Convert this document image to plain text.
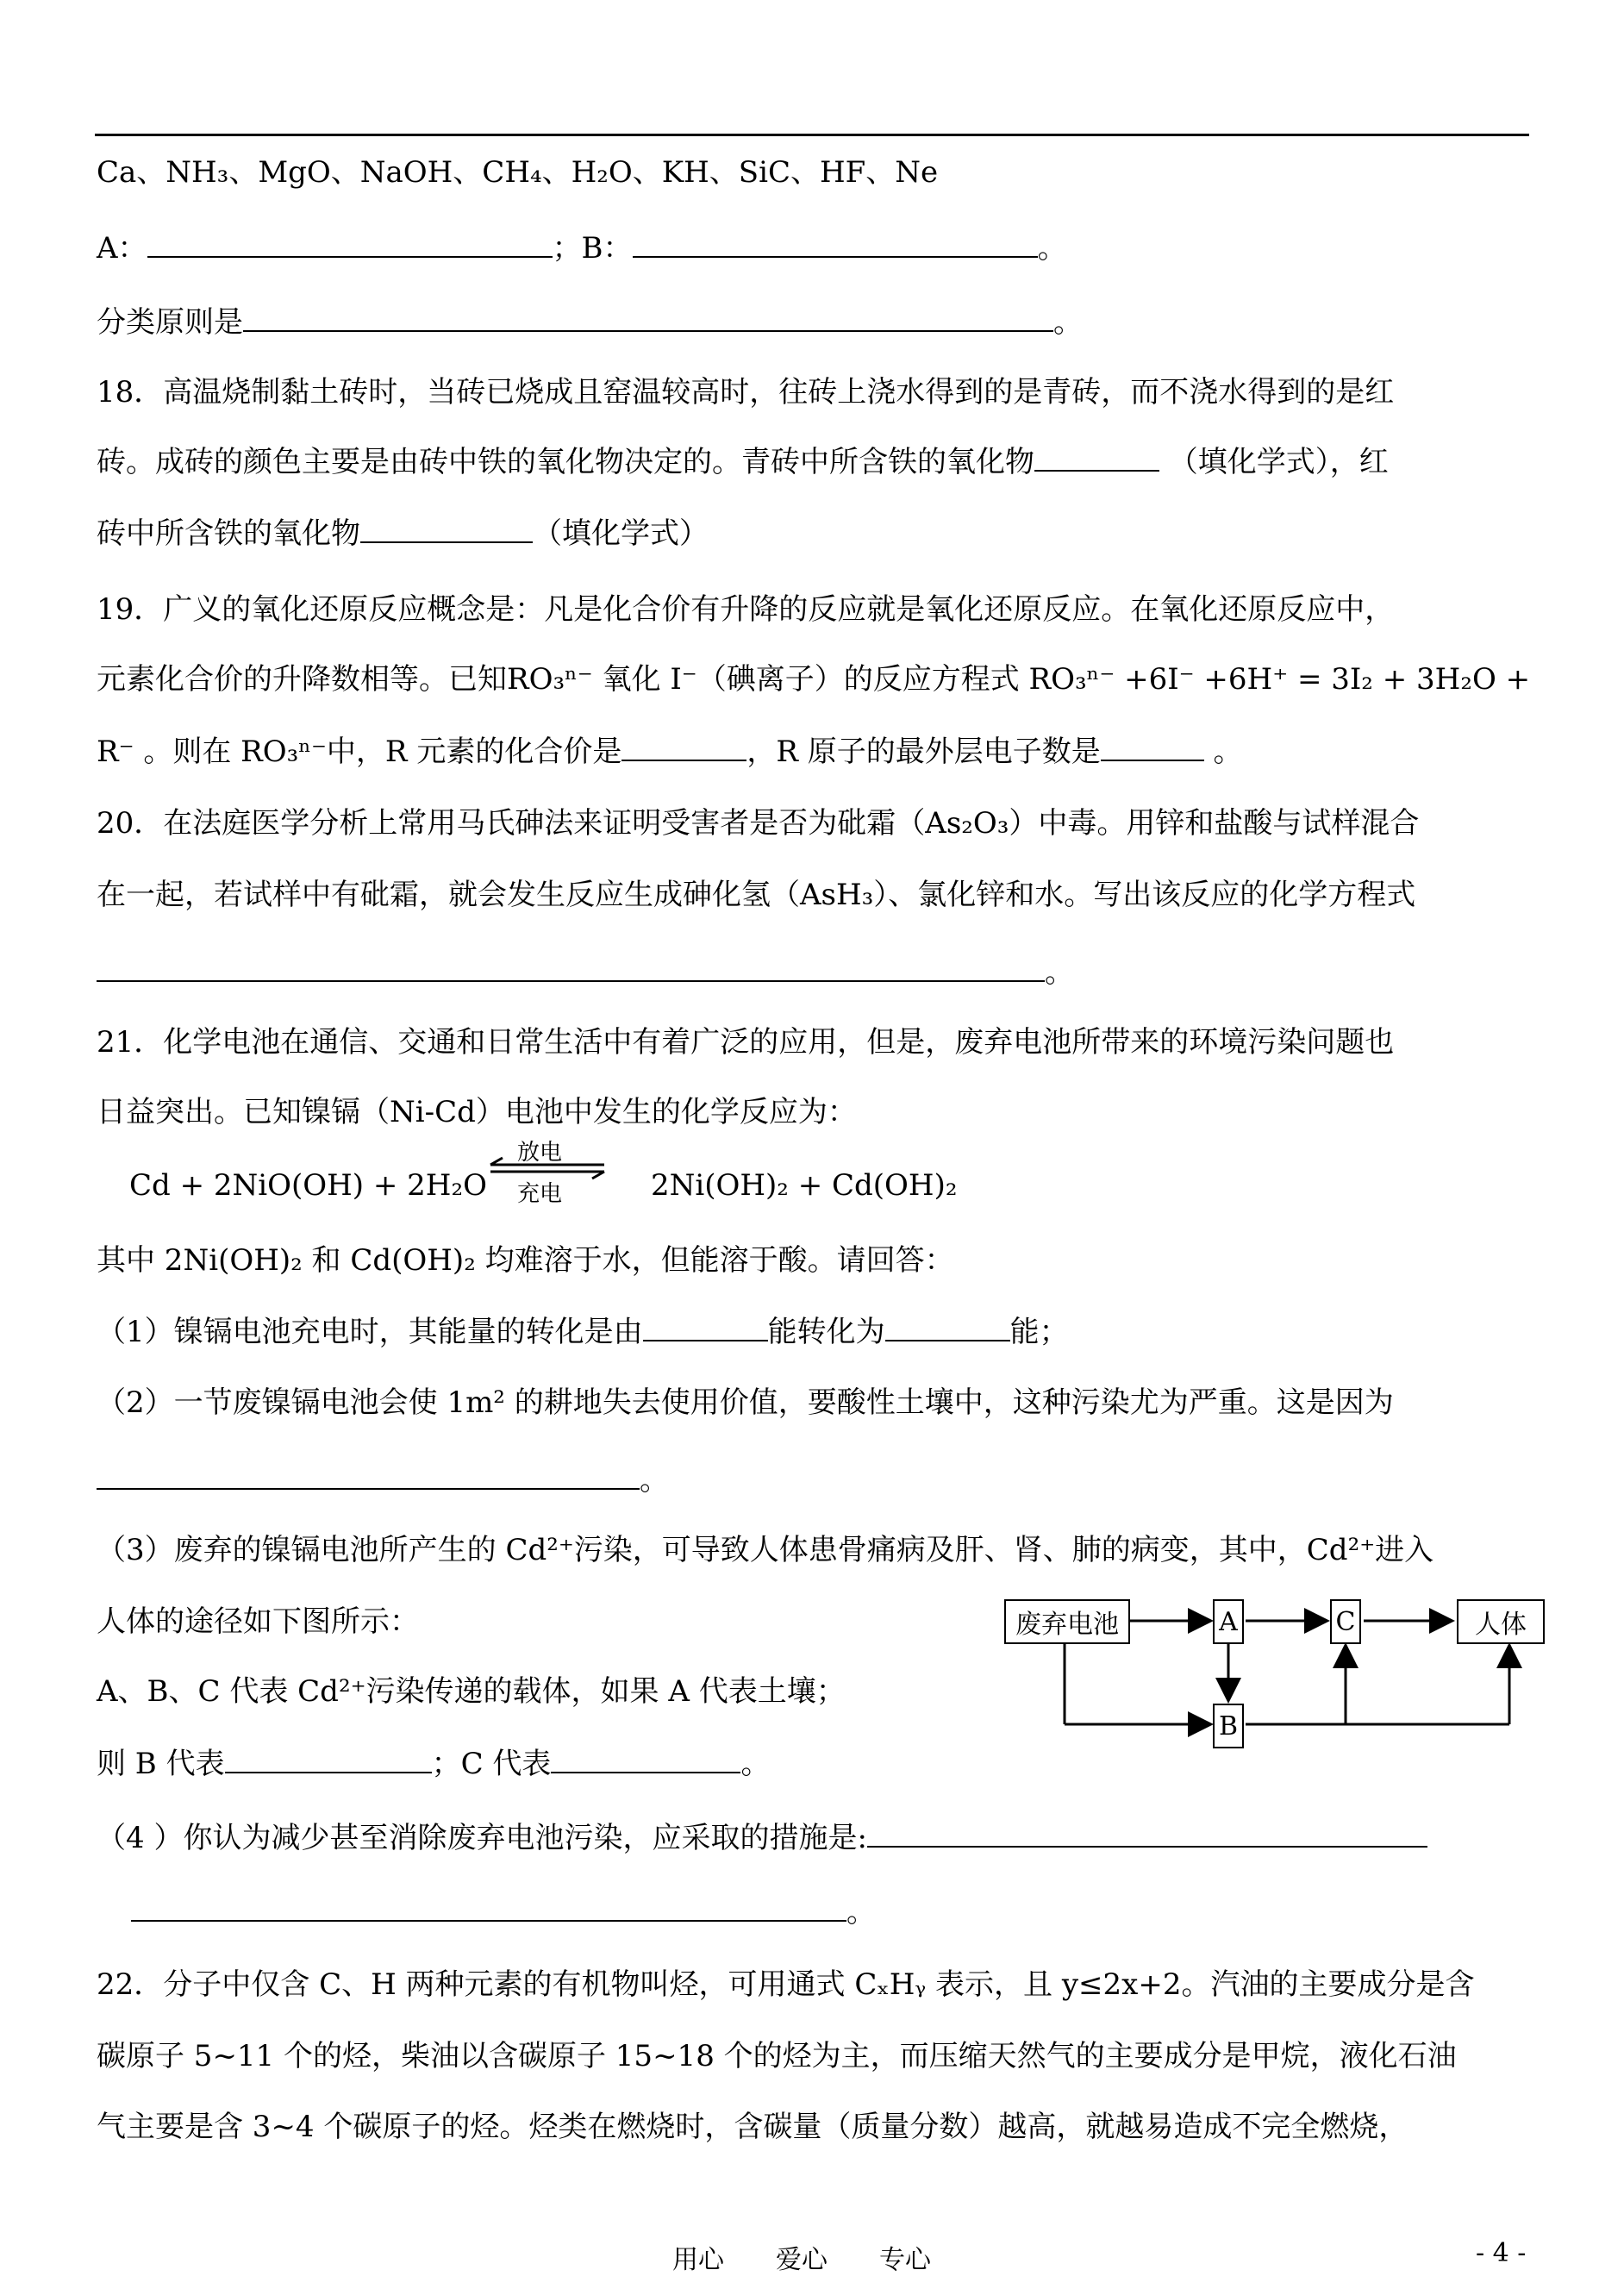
Ca、NH₃、MgO、NaOH、CH₄、H₂O、KH、SiC、HF、Ne
A：	；B：	。
分类原则是	。
18．高温烧制黏土砖时，当砖已烧成且窑温较高时，往砖上浇水得到的是青砖，而不浇水得到的是红
砖。成砖的颜色主要是由砖中铁的氧化物决定的。青砖中所含铁的氧化物	（填化学式），红
砖中所含铁的氧化物	（填化学式）
19．广义的氧化还原反应概念是：凡是化合价有升降的反应就是氧化还原反应。在氧化还原反应中，
元素化合价的升降数相等。已知RO₃ⁿ⁻ 氧化 I⁻（碘离子）的反应方程式 RO₃ⁿ⁻ +6I⁻ +6H⁺ = 3I₂ + 3H₂O +
R⁻ 。则在 RO₃ⁿ⁻中，R 元素的化合价是	，R 原子的最外层电子数是	。
20．在法庭医学分析上常用马氏砷法来证明受害者是否为砒霜（As₂O₃）中毒。用锌和盐酸与试样混合
在一起，若试样中有砒霜，就会发生反应生成砷化氢（AsH₃）、氯化锌和水。写出该反应的化学方程式
。
21．化学电池在通信、交通和日常生活中有着广泛的应用，但是，废弃电池所带来的环境污染问题也
日益突出。已知镍镉（Ni-Cd）电池中发生的化学反应为：
Cd + 2NiO(OH) + 2H₂O	2Ni(OH)₂ + Cd(OH)₂
放电
充电
其中 2Ni(OH)₂ 和 Cd(OH)₂ 均难溶于水，但能溶于酸。请回答：
（1）镍镉电池充电时，其能量的转化是由	能转化为	能；
（2）一节废镍镉电池会使 1m² 的耕地失去使用价值，要酸性土壤中，这种污染尤为严重。这是因为
。
（3）废弃的镍镉电池所产生的 Cd²⁺污染，可导致人体患骨痛病及肝、肾、肺的病变，其中，Cd²⁺进入
人体的途径如下图所示：
A、B、C 代表 Cd²⁺污染传递的载体，如果 A 代表土壤；
则 B 代表	；C 代表	。
废弃电池	A	C	人体
B
（4 ）你认为减少甚至消除废弃电池污染，应采取的措施是:
。
22．分子中仅含 C、H 两种元素的有机物叫烃，可用通式 CₓHᵧ 表示，且 y≤2x+2。汽油的主要成分是含
碳原子 5~11 个的烃，柴油以含碳原子 15~18 个的烃为主，而压缩天然气的主要成分是甲烷，液化石油
气主要是含 3~4 个碳原子的烃。烃类在燃烧时，含碳量（质量分数）越高，就越易造成不完全燃烧，
用心　　爱心　　专心	- 4 -
